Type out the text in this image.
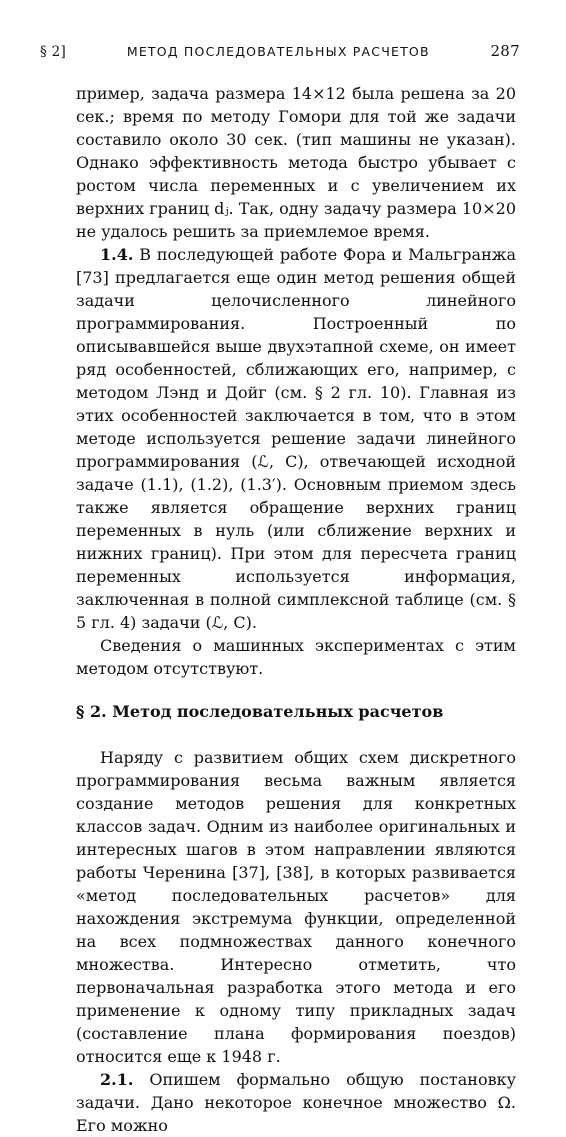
§ 2]	МЕТОД ПОСЛЕДОВАТЕЛЬНЫХ РАСЧЕТОВ	287

пример, задача размера 14×12 была решена за 20 сек.; время по методу Гомори для той же задачи составило около 30 сек. (тип машины не указан). Однако эффективность метода быстро убывает с ростом числа переменных и с увеличением их верхних границ dⱼ. Так, одну задачу размера 10×20 не удалось решить за приемлемое время.

1.4. В последующей работе Фора и Мальгранжа [73] предлагается еще один метод решения общей задачи целочисленного линейного программирования. Построенный по описывавшейся выше двухэтапной схеме, он имеет ряд особенностей, сближающих его, например, с методом Лэнд и Дойг (см. § 2 гл. 10). Главная из этих особенностей заключается в том, что в этом методе используется решение задачи линейного программирования (ℒ, C), отвечающей исходной задаче (1.1), (1.2), (1.3′). Основным приемом здесь также является обращение верхних границ переменных в нуль (или сближение верхних и нижних границ). При этом для пересчета границ переменных используется информация, заключенная в полной симплексной таблице (см. § 5 гл. 4) задачи (ℒ, C).

Сведения о машинных экспериментах с этим методом отсутствуют.

§ 2. Метод последовательных расчетов

Наряду с развитием общих схем дискретного программирования весьма важным является создание методов решения для конкретных классов задач. Одним из наиболее оригинальных и интересных шагов в этом направлении являются работы Черенина [37], [38], в которых развивается «метод последовательных расчетов» для нахождения экстремума функции, определенной на всех подмножествах данного конечного множества. Интересно отметить, что первоначальная разработка этого метода и его применение к одному типу прикладных задач (составление плана формирования поездов) относится еще к 1948 г.

2.1. Опишем формально общую постановку задачи. Дано некоторое конечное множество Ω. Его можно
